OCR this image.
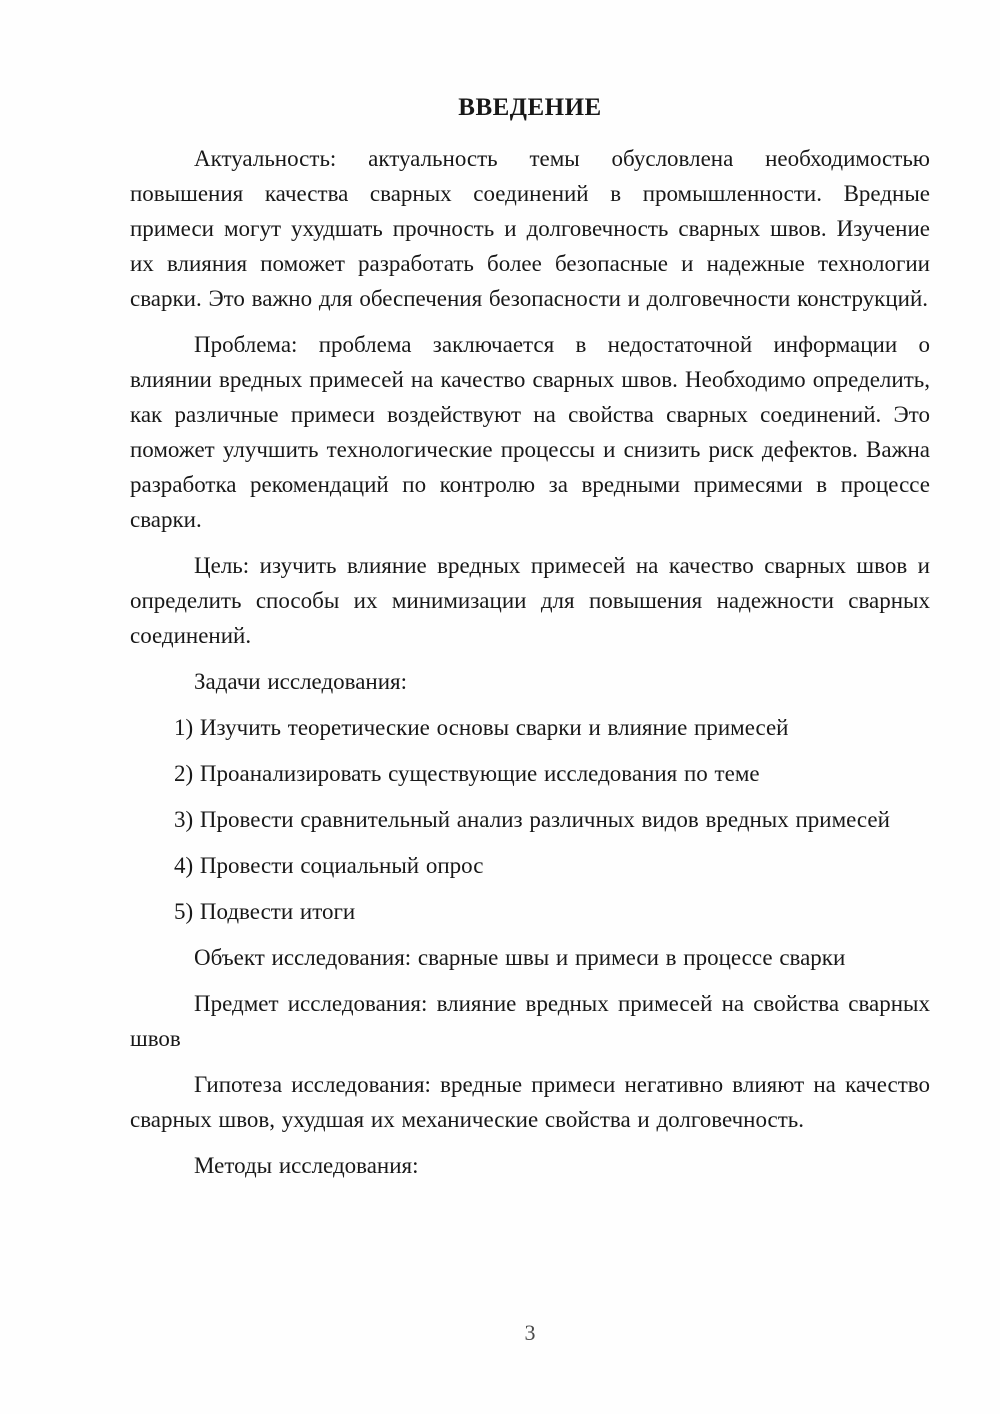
ВВЕДЕНИЕ

Актуальность: актуальность темы обусловлена необходимостью повышения качества сварных соединений в промышленности. Вредные примеси могут ухудшать прочность и долговечность сварных швов. Изучение их влияния поможет разработать более безопасные и надежные технологии сварки. Это важно для обеспечения безопасности и долговечности конструкций.

Проблема: проблема заключается в недостаточной информации о влиянии вредных примесей на качество сварных швов. Необходимо определить, как различные примеси воздействуют на свойства сварных соединений. Это поможет улучшить технологические процессы и снизить риск дефектов. Важна разработка рекомендаций по контролю за вредными примесями в процессе сварки.

Цель: изучить влияние вредных примесей на качество сварных швов и определить способы их минимизации для повышения надежности сварных соединений.

Задачи исследования:

1) Изучить теоретические основы сварки и влияние примесей

2) Проанализировать существующие исследования по теме

3) Провести сравнительный анализ различных видов вредных примесей

4) Провести социальный опрос

5) Подвести итоги

Объект исследования: сварные швы и примеси в процессе сварки

Предмет исследования: влияние вредных примесей на свойства сварных швов

Гипотеза исследования: вредные примеси негативно влияют на качество сварных швов, ухудшая их механические свойства и долговечность.

Методы исследования:

3
